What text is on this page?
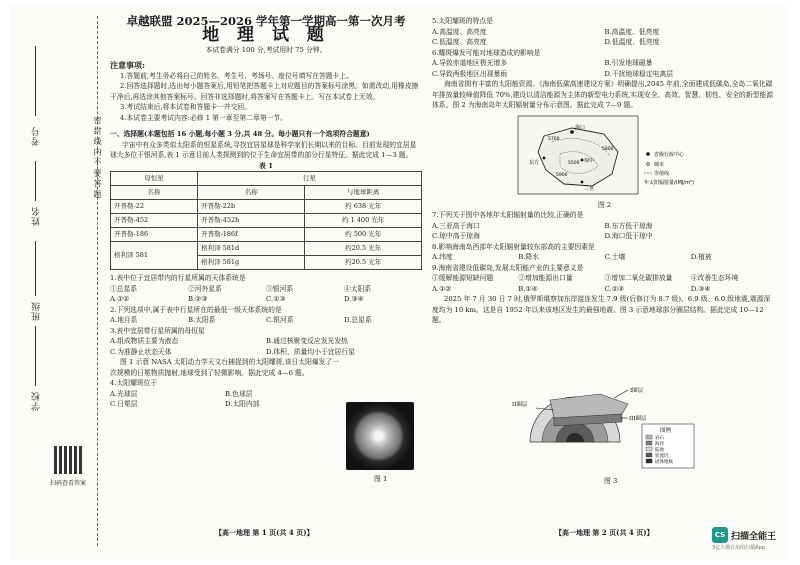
考号
姓名
班级
学校
密 封 线 内 不 要 答 题
扫码查看答案
卓越联盟 2025—2026 学年第一学期高一第一次月考
地 理 试 题
本试卷满分 100 分,考试用时 75 分钟。
注意事项:
1.答题前,考生务必将自己的姓名、考生号、考场号、座位号填写在答题卡上。
2.回答选择题时,选出每小题答案后,用铅笔把答题卡上对应题目的答案标号涂黑。如需改动,用橡皮擦干净后,再选涂其他答案标号。回答非选择题时,将答案写在答题卡上。写在本试卷上无效。
3.考试结束后,将本试卷和答题卡一并交回。
4.本试卷主要考试内容:必修 1 第一章至第二章第一节。
一、选择题(本题包括 16 小题,每小题 3 分,共 48 分。每小题只有一个选项符合题意)
宇宙中有众多类似太阳系的恒星系统,寻找宜居星球是科学家们长期以来的目标。目前发现的宜居星球大多位于银河系,表 1 示意目前人类探测到的位于生命宜居带的部分行星特征。据此完成 1—3 题。
表 1
母恒星	行星	
名称	名称	与地球距离
开普勒-22	开普勒-22b	约 638 光年
开普勒-452	开普勒-452b	约 1 400 光年
开普勒-186	开普勒-186f	约 500 光年
格利泽 581	格利泽 581d	约20.5 光年
	格利泽 581g	约20.5 光年
1.表中位于宜居带内的行星所属的天体系统是
①总星系	②河外星系	③银河系	④太阳系
A.①②	B.②③	C.①③	D.③④
2.下列选项中,属于表中行星所在的最低一级天体系统的是
A.地月系	B.太阳系	C.银河系	D.总星系
3.表中宜居带行星所属的母恒星
A.组成物质主要为液态	B.通过核聚变反应发光发热
C.为准静止状态天体	D.体积、质量均小于宜居行星
图 1 示意 NASA 太阳动力学天文台捕捉到的太阳耀斑,该日太阳爆发了一次规模的日冕物质抛射,地球受到了轻微影响。据此完成 4—6 题。
4.太阳耀斑位于
A.光球层	B.色球层
C.日冕层	D.太阳内部
图 1
【高一地理 第 1 页(共 4 页)】
5.太阳耀斑的特点是
A.高温度、高亮度	B.高温度、低亮度
C.低温度、高亮度	D.低温度、低亮度
6.耀斑爆发可能对地球造成的影响是
A.导致赤道地区极光增多	B.引发地球磁暴
C.导致两极地区出现暴雨	D.干扰地球稳定电离层
海南省拥有丰富的太阳能资源。《海南低碳高速建设方案》明确提出,2045 年前,全面建成低碳岛,全岛二氧化碳年排放量较峰值降低 70%,建设以清洁能源为主体的新型电力系统,实现安全、高效、智慧、韧性、安全的新型能源体系。图 2 为海南岛年太阳辐射量分布示意图。据此完成 7—9 题。
海口
三亚
琼中
东方
5700
5800
5900
5500
省级行政中心
城市
等值线
年太阳辐射量/(MJ/m²)
图 2
7.下列关于图中各地年太阳辐射量的比较,正确的是
A.三亚高于海口	B.东方低于琼海
C.琼中高于琼海	D.海口低于琼中
8.影响海南岛西部年太阳辐射量较东部高的主要因素是
A.纬度	B.降水	C.土壤	D.植被
9.海南省建设低碳岛,发展太阳能产业的主要意义是
①缓解能源短缺问题	②增加能源出口量	③增加二氧化碳排放量	④改善生态环境
A.①②	B.①④	C.②③	D.③④
2025 年 7 月 30 日 7 时,俄罗斯堪察加东岸接连发生 7.9 级(后修订为 8.7 级)、6.9 级、6.0 级地震,震源深度均为 10 km。这是自 1952 年以来该地区发生的最强地震。图 3 示意地球部分圈层结构。据此完成 10—12 题。
I圈层
II圈层
III圈层
图例
岩石
海洋
陆地
软流层
固体地核
图 3
【高一地理 第 2 页(共 4 页)】	CS 扫描全能王
3亿人都在用的扫描App
